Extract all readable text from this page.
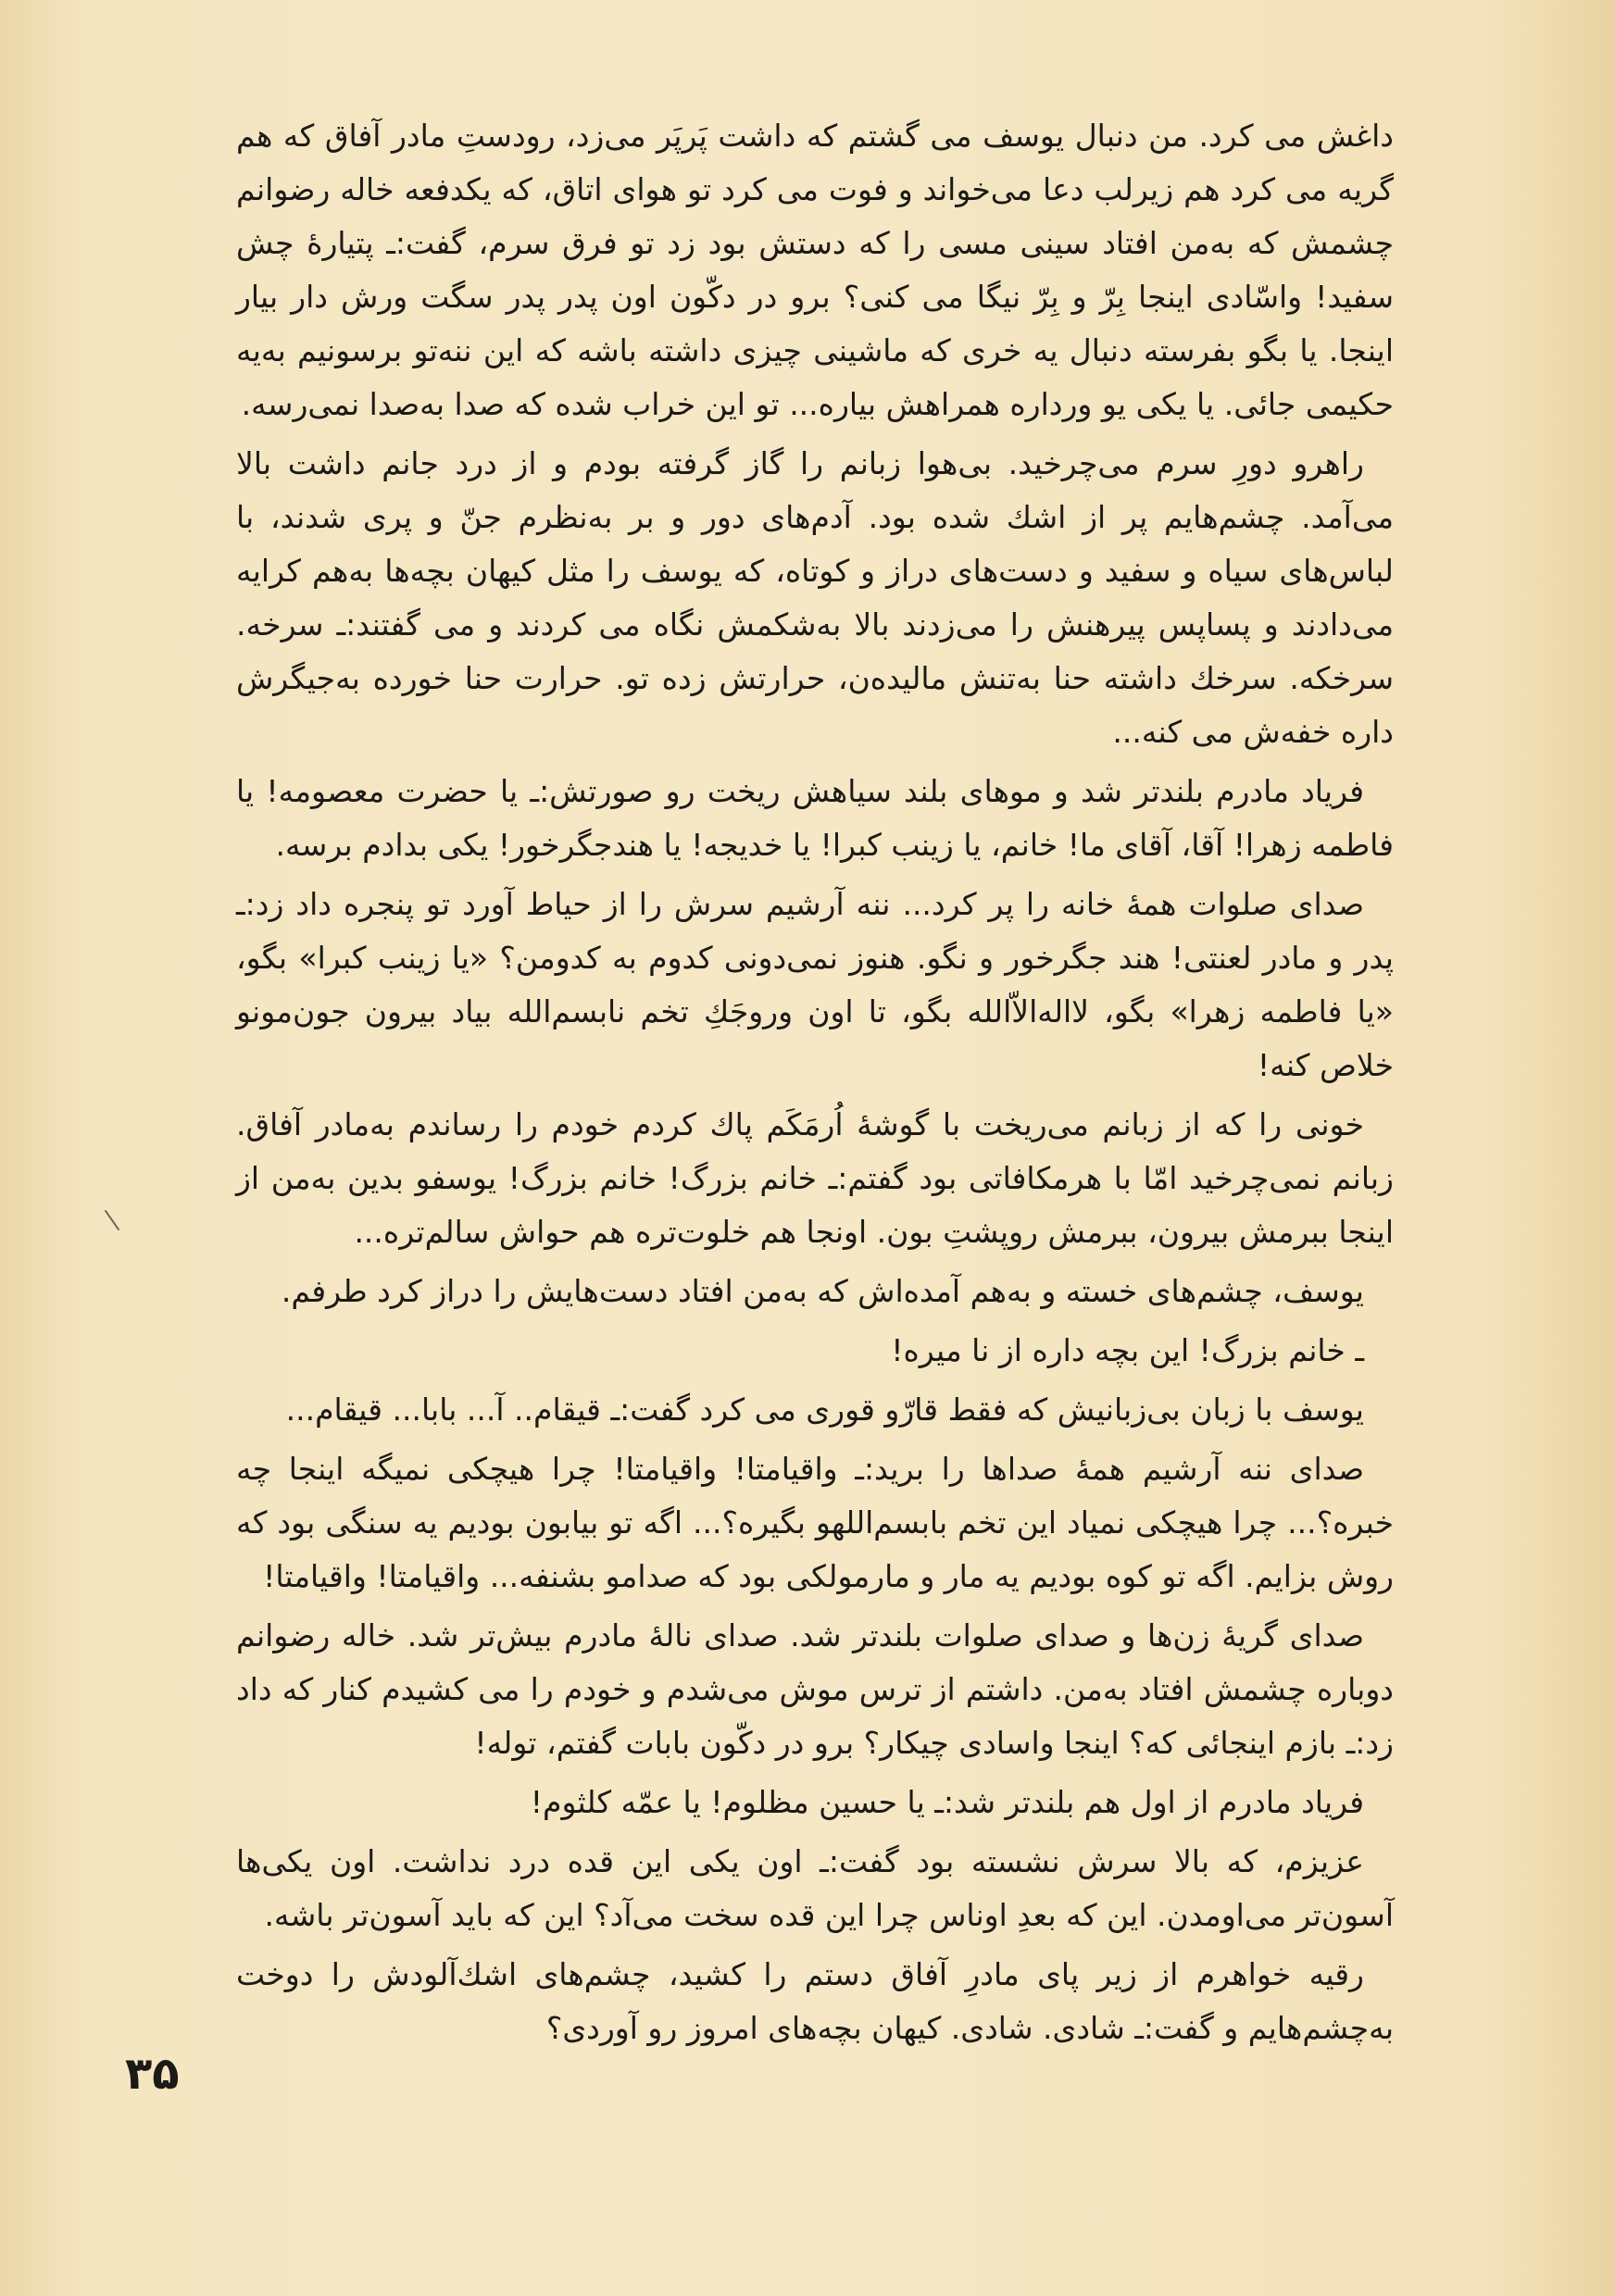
داغش می کرد. من دنبال یوسف می گشتم که داشت پَرپَر می‌زد، رودستِ مادر آفاق که هم گریه می کرد هم زیرلب دعا می‌خواند و فوت می کرد تو هوای اتاق، که یکدفعه خاله رضوانم چشمش که به‌من افتاد سینی مسی را که دستش بود زد تو فرق سرم، گفت:ـ پتیارهٔ چش سفید! واسّادی اینجا بِرّ و بِرّ نیگا می کنی؟ برو در دکّون اون پدر پدر سگت ورش دار بیار اینجا. یا بگو بفرسته دنبال یه خری که ماشینی چیزی داشته باشه که این ننه‌تو برسونیم به‌یه حکیمی جائی. یا یکی یو ورداره همراهش بیاره... تو این خراب شده که صدا به‌صدا نمی‌رسه.

راهرو دورِ سرم می‌چرخید. بی‌هوا زبانم را گاز گرفته بودم و از درد جانم داشت بالا می‌آمد. چشم‌هایم پر از اشك شده بود. آدم‌های دور و بر به‌نظرم جنّ و پری شدند، با لباس‌های سیاه و سفید و دست‌های دراز و کوتاه، که یوسف را مثل کیهان بچه‌ها به‌هم کرایه می‌دادند و پسا‌پس پیرهنش را می‌زدند بالا به‌شکمش نگاه می کردند و می گفتند:ـ سرخه. سرخکه. سرخك داشته حنا به‌تنش مالیده‌ن، حرارتش زده تو. حرارت حنا خورده به‌جیگرش داره خفه‌ش می کنه...

فریاد مادرم بلندتر شد و موهای بلند سیاهش ریخت رو صورتش:ـ یا حضرت معصومه! یا فاطمه زهرا! آقا، آقای ما! خانم، یا زینب کبرا! یا خدیجه! یا هندجگرخور! یکی بدادم برسه.

صدای صلوات همهٔ خانه را پر کرد... ننه آرشیم سرش را از حیاط آورد تو پنجره داد زد:ـ پدر و مادر لعنتی! هند جگرخور و نگو. هنوز نمی‌دونی کدوم به کدومن؟ «یا زینب کبرا» بگو، «یا فاطمه زهرا» بگو، لااله‌الاّالله بگو، تا اون وروجَكِ تخم نابسم‌الله بیاد بیرون جون‌مونو خلاص کنه!

خونی را که از زبانم می‌ریخت با گوشهٔ اُرمَکَم پاك کردم خودم را رساندم به‌مادر آفاق. زبانم نمی‌چرخید امّا با هرمکافاتی بود گفتم:ـ خانم بزرگ! خانم بزرگ! یوسفو بدین به‌من از اینجا ببرمش بیرون، ببرمش روپشتِ بون. اونجا هم خلوت‌تره هم حواش سالم‌تره...

یوسف، چشم‌های خسته و به‌هم آمده‌اش که به‌من افتاد دست‌هایش را دراز کرد طرفم.

ـ خانم بزرگ! این بچه داره از نا میره!

یوسف با زبان بی‌زبانیش که فقط قارّو قوری می کرد گفت:ـ قیقام.. آ... بابا... قیقام...

صدای ننه آرشیم همهٔ صداها را برید:ـ واقیامتا! واقیامتا! چرا هیچکی نمیگه اینجا چه خبره؟... چرا هیچکی نمیاد این تخم بابسم‌اللهو بگیره؟... اگه تو بیابون بودیم یه سنگی بود که روش بزایم. اگه تو کوه بودیم یه مار و مارمولکی بود که صدامو بشنفه... واقیامتا! واقیامتا!

صدای گریهٔ زن‌ها و صدای صلوات بلندتر شد. صدای نالهٔ مادرم بیش‌تر شد. خاله رضوانم دوباره چشمش افتاد به‌من. داشتم از ترس موش می‌شدم و خودم را می کشیدم کنار که داد زد:ـ بازم اینجائی که؟ اینجا واسادی چیکار؟ برو در دکّون بابات گفتم، توله!

فریاد مادرم از اول هم بلندتر شد:ـ یا حسین مظلوم! یا عمّه کلثوم!

عزیزم، که بالا سرش نشسته بود گفت:ـ اون یکی این قده درد نداشت. اون یکی‌ها آسون‌تر می‌اومدن. این که بعدِ اوناس چرا این قده سخت می‌آد؟ این که باید آسون‌تر باشه.

رقیه خواهرم از زیر پای مادرِ آفاق دستم را کشید، چشم‌های اشك‌آلودش را دوخت به‌چشم‌هایم و گفت:ـ شادی. شادی. کیهان بچه‌های امروز رو آوردی؟

۳۵
